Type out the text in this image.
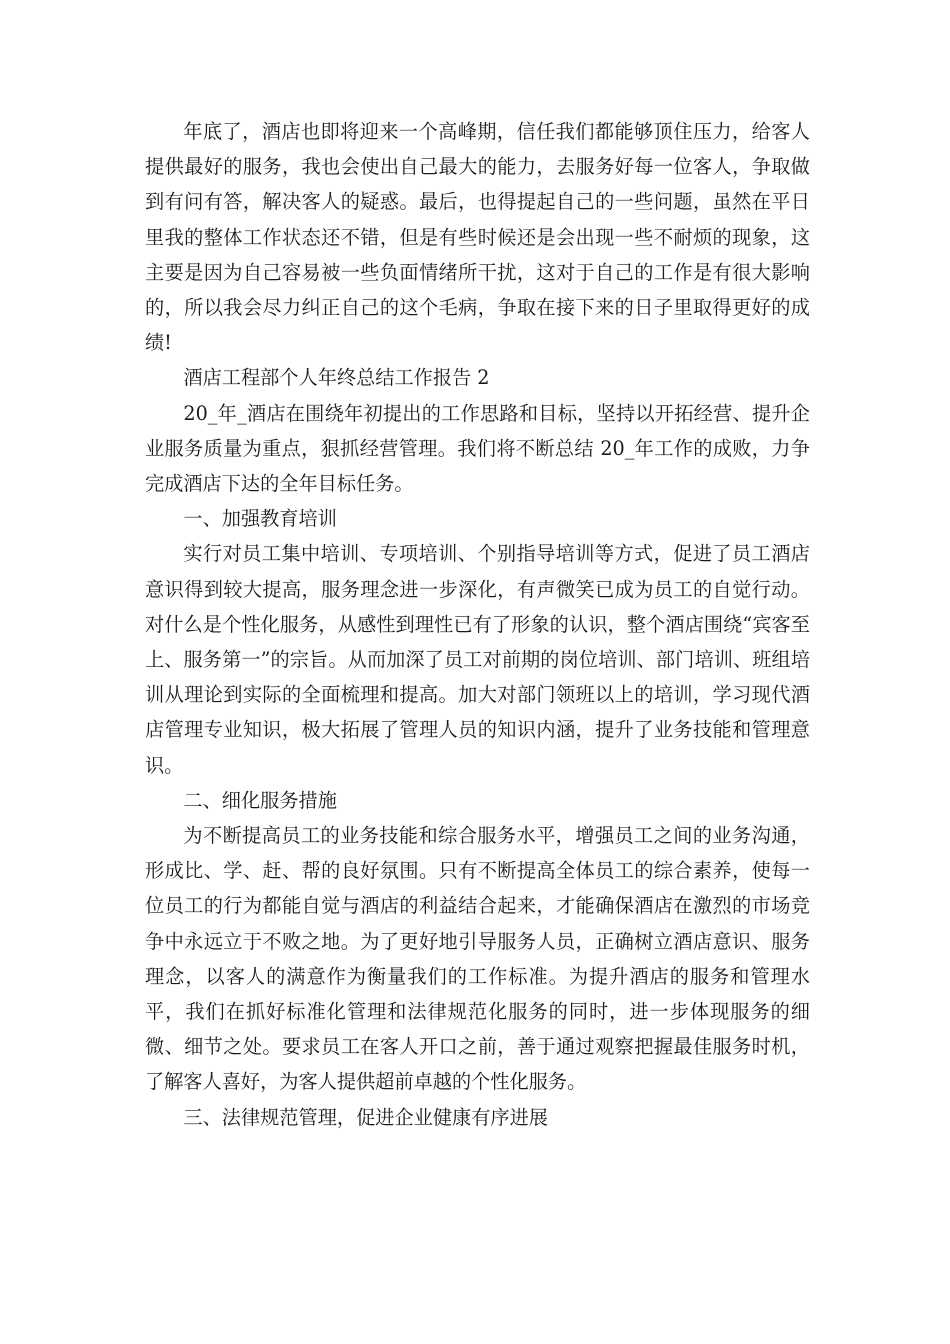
年底了，酒店也即将迎来一个高峰期，信任我们都能够顶住压力，给客人提供最好的服务，我也会使出自己最大的能力，去服务好每一位客人，争取做到有问有答，解决客人的疑惑。最后，也得提起自己的一些问题，虽然在平日里我的整体工作状态还不错，但是有些时候还是会出现一些不耐烦的现象，这主要是因为自己容易被一些负面情绪所干扰，这对于自己的工作是有很大影响的，所以我会尽力纠正自己的这个毛病，争取在接下来的日子里取得更好的成绩!

酒店工程部个人年终总结工作报告 2

20_年_酒店在围绕年初提出的工作思路和目标，坚持以开拓经营、提升企业服务质量为重点，狠抓经营管理。我们将不断总结 20_年工作的成败，力争完成酒店下达的全年目标任务。

一、加强教育培训

实行对员工集中培训、专项培训、个别指导培训等方式，促进了员工酒店意识得到较大提高，服务理念进一步深化，有声微笑已成为员工的自觉行动。对什么是个性化服务，从感性到理性已有了形象的认识，整个酒店围绕“宾客至上、服务第一”的宗旨。从而加深了员工对前期的岗位培训、部门培训、班组培训从理论到实际的全面梳理和提高。加大对部门领班以上的培训，学习现代酒店管理专业知识，极大拓展了管理人员的知识内涵，提升了业务技能和管理意识。

二、细化服务措施

为不断提高员工的业务技能和综合服务水平，增强员工之间的业务沟通，形成比、学、赶、帮的良好氛围。只有不断提高全体员工的综合素养，使每一位员工的行为都能自觉与酒店的利益结合起来，才能确保酒店在激烈的市场竞争中永远立于不败之地。为了更好地引导服务人员，正确树立酒店意识、服务理念，以客人的满意作为衡量我们的工作标准。为提升酒店的服务和管理水平，我们在抓好标准化管理和法律规范化服务的同时，进一步体现服务的细微、细节之处。要求员工在客人开口之前，善于通过观察把握最佳服务时机，了解客人喜好，为客人提供超前卓越的个性化服务。

三、法律规范管理，促进企业健康有序进展
